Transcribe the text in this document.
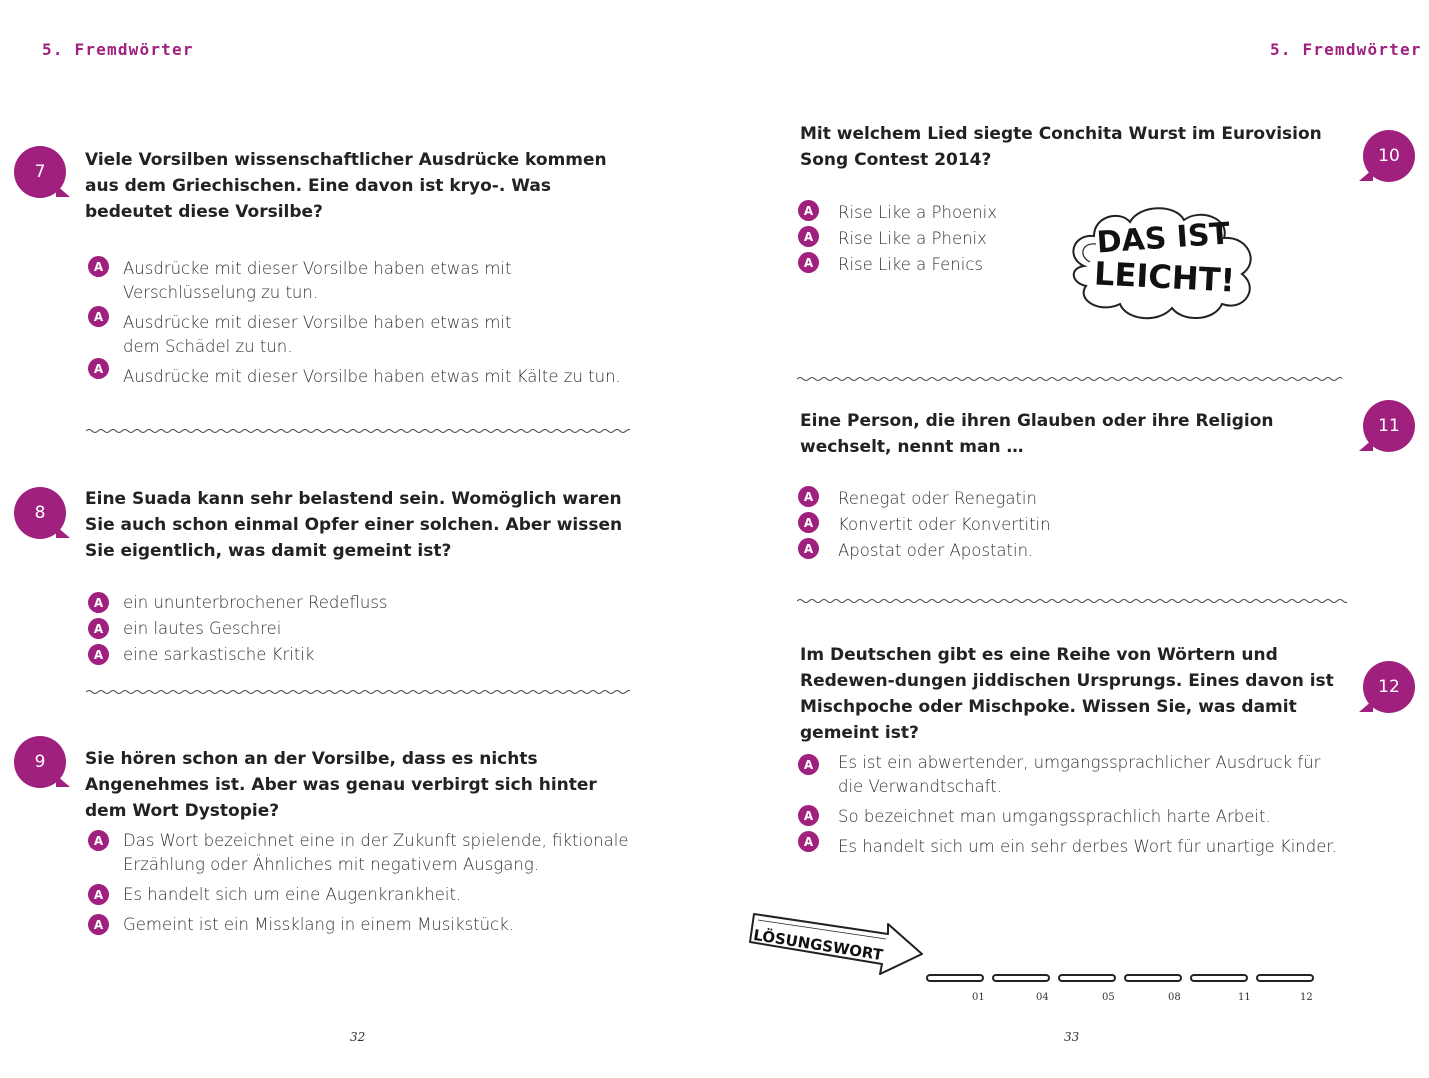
5. Fremdwörter	5. Fremdwörter
7
Viele Vorsilben wissenschaftlicher Ausdrücke kommen aus dem Griechischen. Eine davon ist kryo-. Was bedeutet diese Vorsilbe?
A	Ausdrücke mit dieser Vorsilbe haben etwas mit Verschlüsselung zu tun.
A	Ausdrücke mit dieser Vorsilbe haben etwas mit dem Schädel zu tun.
A	Ausdrücke mit dieser Vorsilbe haben etwas mit Kälte zu tun.
8
Eine Suada kann sehr belastend sein. Womöglich waren Sie auch schon einmal Opfer einer solchen. Aber wissen Sie eigentlich, was damit gemeint ist?
A	ein ununterbrochener Redefluss
A	ein lautes Geschrei
A	eine sarkastische Kritik
9	Sie hören schon an der Vorsilbe, dass es nichts Angenehmes ist. Aber was genau verbirgt sich hinter dem Wort Dystopie?
A	Das Wort bezeichnet eine in der Zukunft spielende, fiktionale Erzählung oder Ähnliches mit negativem Ausgang.
A	Es handelt sich um eine Augenkrankheit.
A	Gemeint ist ein Missklang in einem Musikstück.
32
Mit welchem Lied siegte Conchita Wurst im Eurovision Song Contest 2014?	10
A	Rise Like a Phoenix
A	Rise Like a Phenix
A	Rise Like a Fenics
DAS IST
LEICHT!
Eine Person, die ihren Glauben oder ihre Religion wechselt, nennt man …
11
A	Renegat oder Renegatin
A	Konvertit oder Konvertitin
A	Apostat oder Apostatin.
Im Deutschen gibt es eine Reihe von Wörtern und Redewen-dungen jiddischen Ursprungs. Eines davon ist Mischpoche oder Mischpoke. Wissen Sie, was damit gemeint ist?
12
A	Es ist ein abwertender, umgangssprachlicher Ausdruck für die Verwandtschaft.
A	So bezeichnet man umgangssprachlich harte Arbeit.
A	Es handelt sich um ein sehr derbes Wort für unartige Kinder.
LÖSUNGSWORT
01	04	05	08	11	12
33
